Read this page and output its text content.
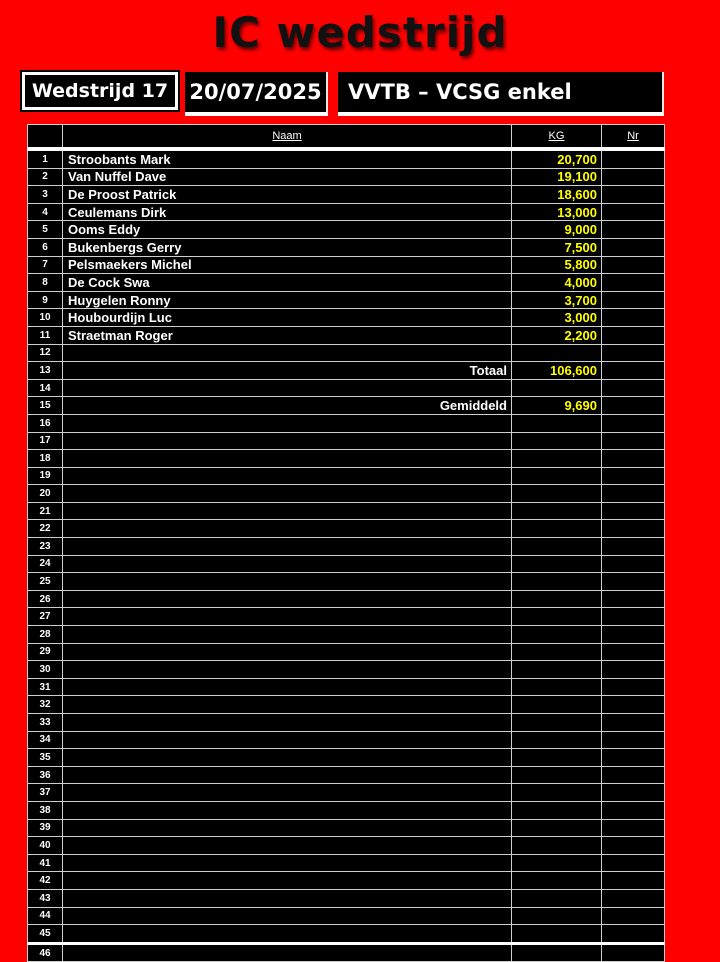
IC wedstrijd
Wedstrijd 17	20/07/2025	VVTB – VCSG enkel
	Naam	KG	Nr
1	Stroobants Mark	20,700	
2	Van Nuffel Dave	19,100	
3	De Proost Patrick	18,600	
4	Ceulemans Dirk	13,000	
5	Ooms Eddy	9,000	
6	Bukenbergs Gerry	7,500	
7	Pelsmaekers Michel	5,800	
8	De Cock Swa	4,000	
9	Huygelen Ronny	3,700	
10	Houbourdijn Luc	3,000	
11	Straetman Roger	2,200	
12			
13	Totaal	106,600	
14			
15	Gemiddeld	9,690	
16			
17			
18			
19			
20			
21			
22			
23			
24			
25			
26			
27			
28			
29			
30			
31			
32			
33			
34			
35			
36			
37			
38			
39			
40			
41			
42			
43			
44			
45			
46			
